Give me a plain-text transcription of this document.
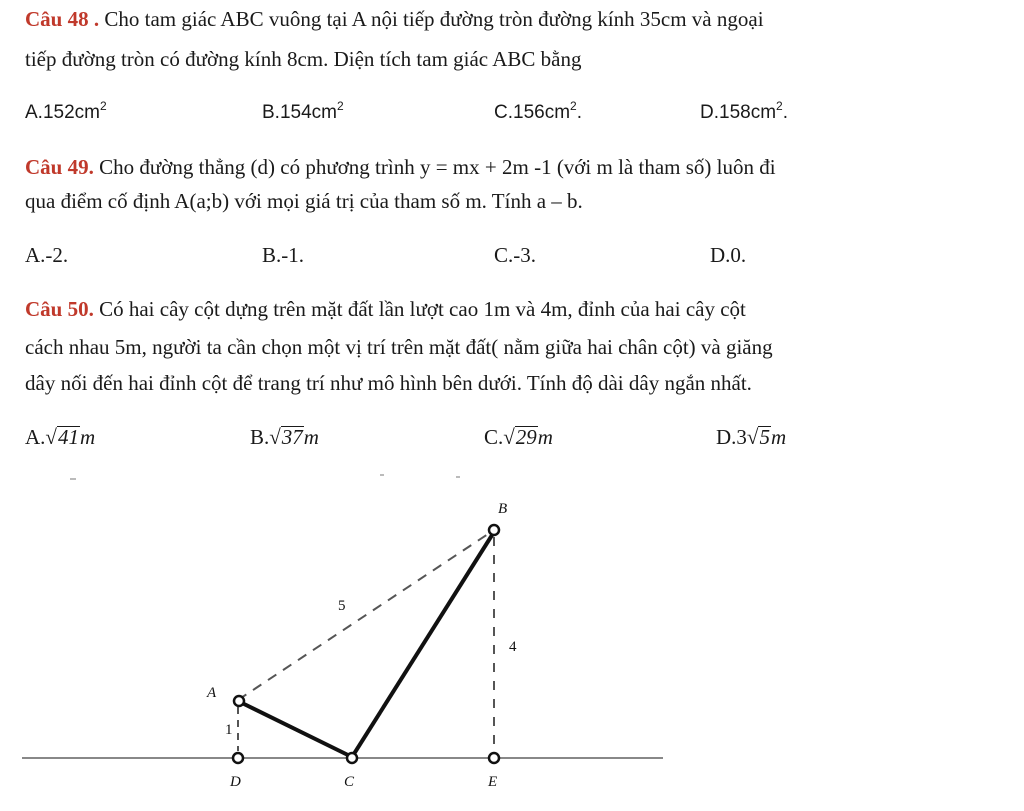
Câu 48 . Cho tam giác ABC vuông tại A nội tiếp đường tròn đường kính 35cm và ngoại
tiếp đường tròn có đường kính 8cm. Diện tích tam giác ABC bằng
$A.152cm^2$	$B.154cm^2$	$C.156cm^2$.	$D.158cm^2$.
Câu 49. Cho đường thẳng (d) có phương trình y = mx + 2m -1 (với m là tham số) luôn đi
qua điểm cố định A(a;b) với mọi giá trị của tham số m. Tính a – b.
A.-2.	B.-1.	C.-3.	D.0.
Câu 50. Có hai cây cột dựng trên mặt đất lần lượt cao 1m và 4m, đỉnh của hai cây cột
cách nhau 5m, người ta cần chọn một vị trí trên mặt đất( nằm giữa hai chân cột) và giăng
dây nối đến hai đỉnh cột để trang trí như mô hình bên dưới. Tính độ dài dây ngắn nhất.
A.√41m	B.√37m	C.√29m	D.3√5m
B
A
D	C	E
5
4
1
